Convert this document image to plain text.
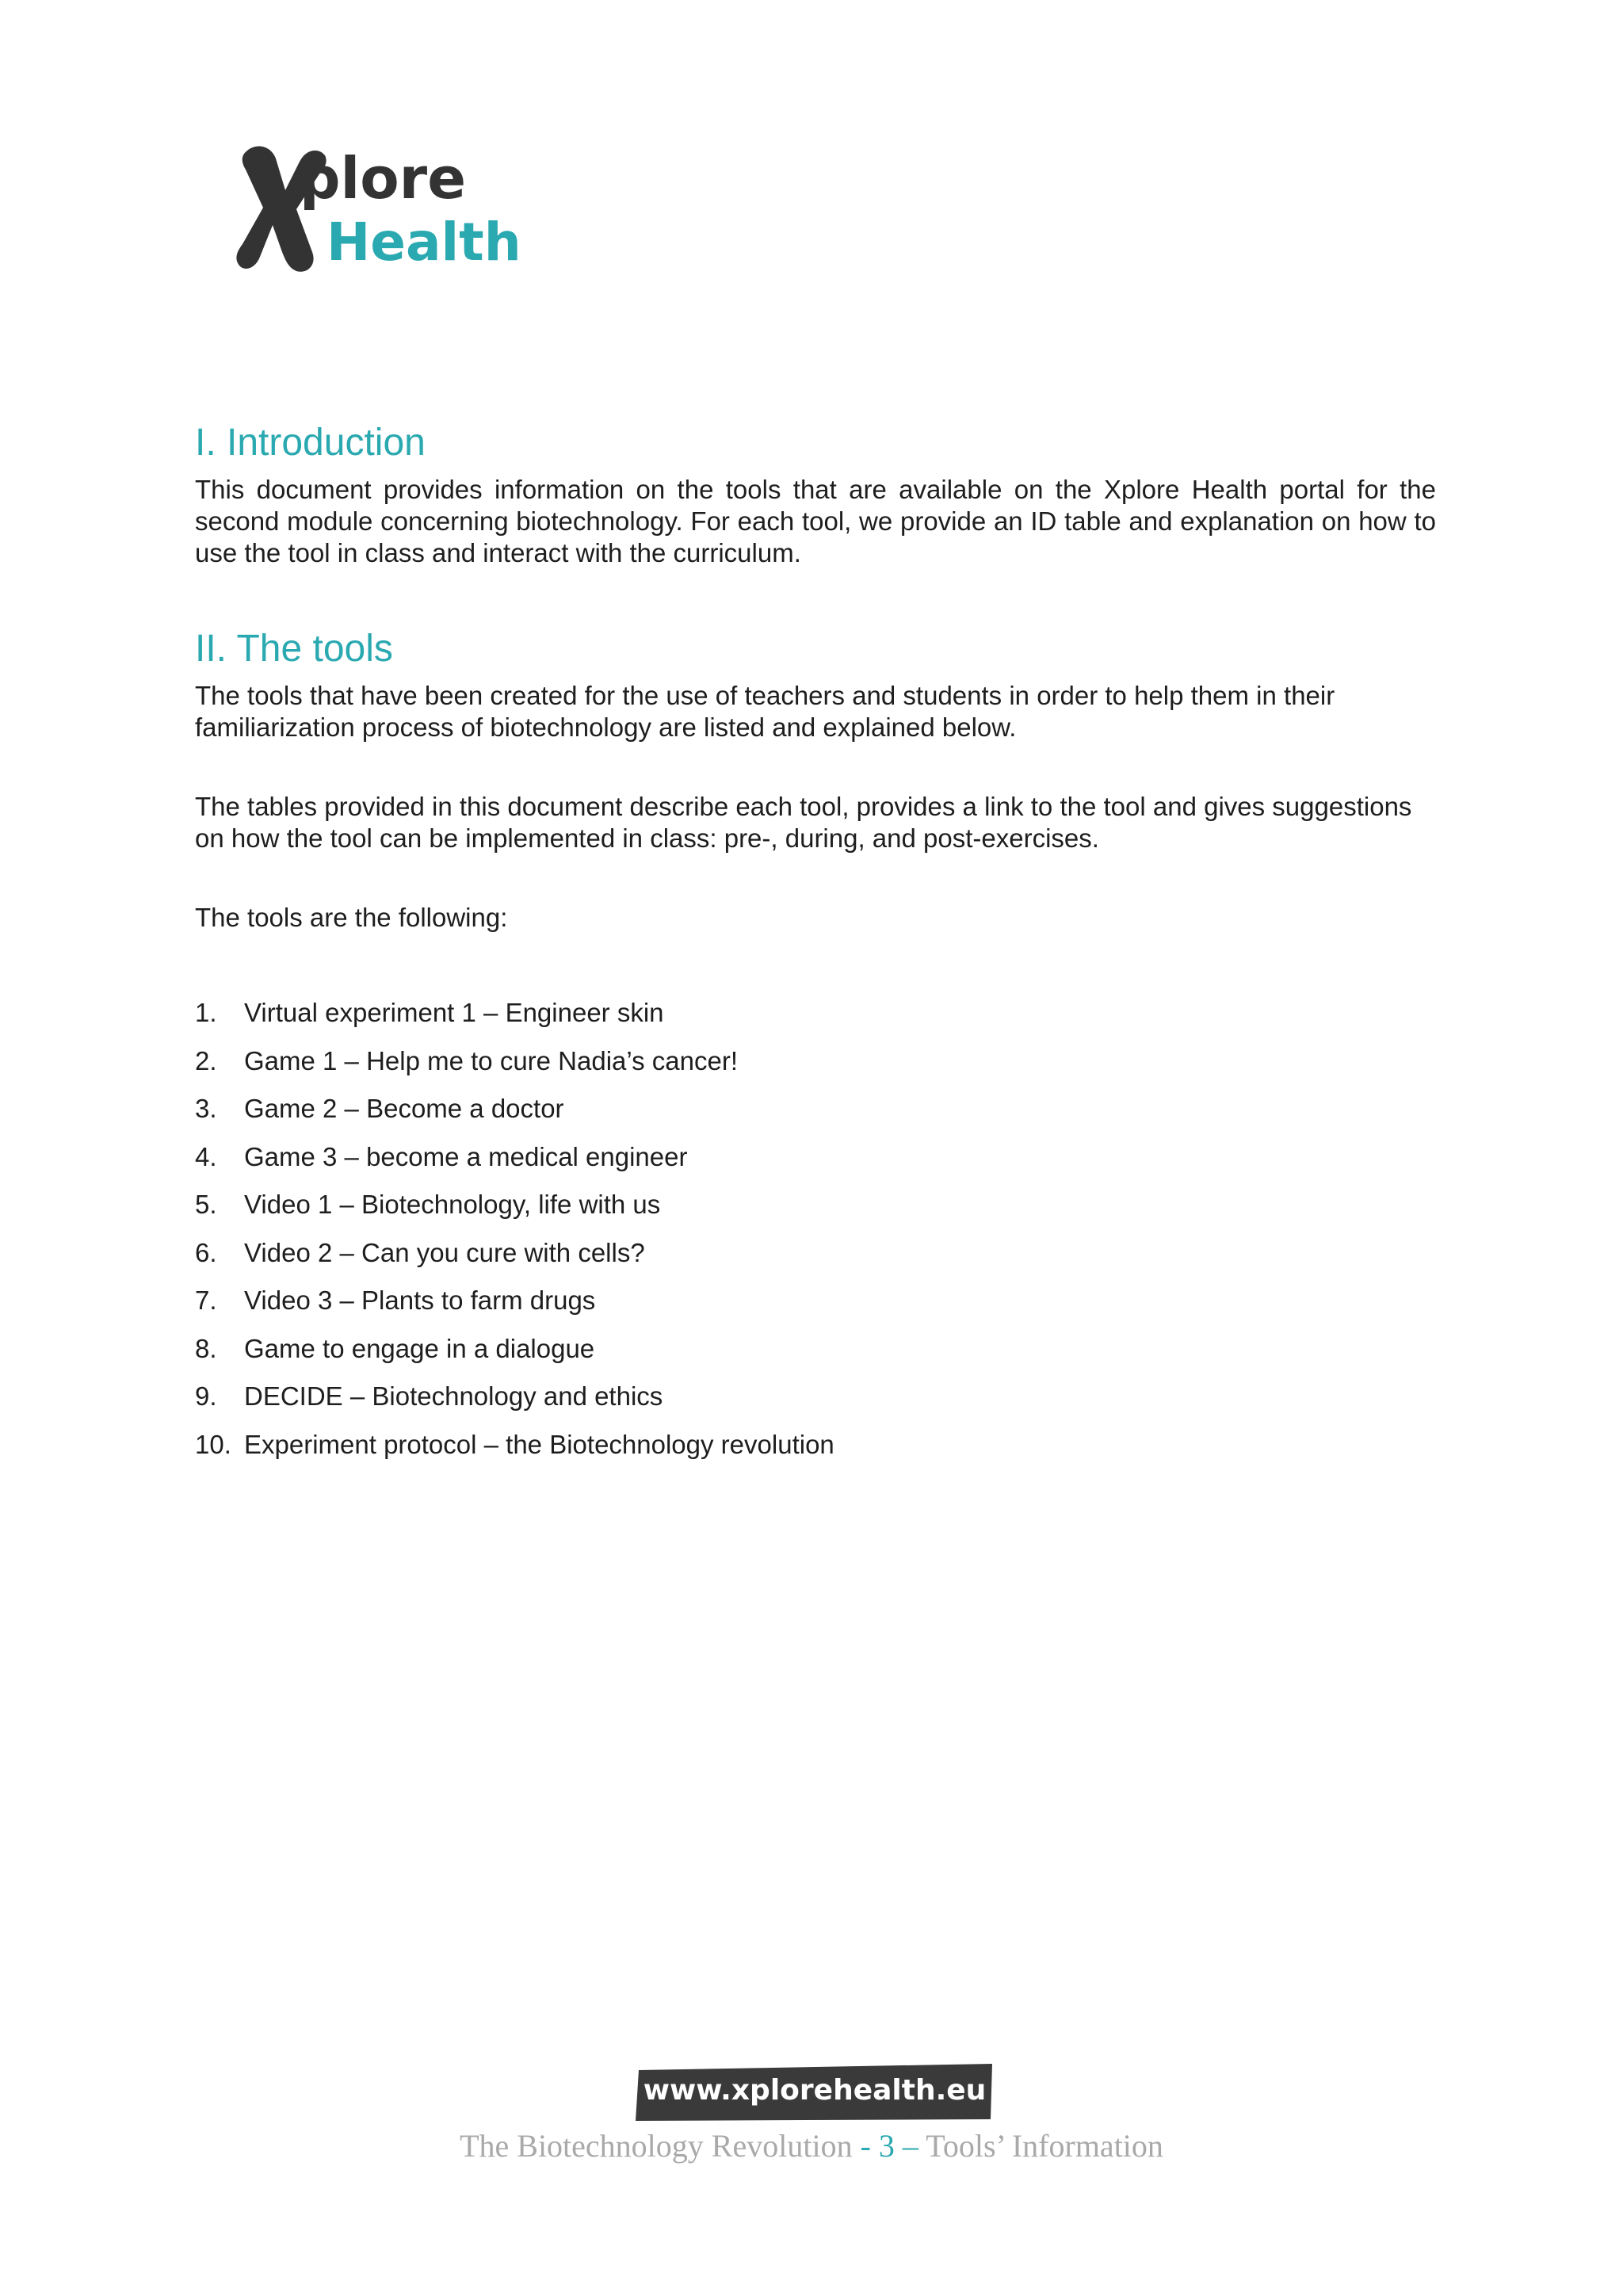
plore
Health
I. Introduction

This document provides information on the tools that are available on the Xplore Health portal for the second module concerning biotechnology. For each tool, we provide an ID table and explanation on how to use the tool in class and interact with the curriculum.

II. The tools

The tools that have been created for the use of teachers and students in order to help them in their familiarization process of biotechnology are listed and explained below.

The tables provided in this document describe each tool, provides a link to the tool and gives suggestions on how the tool can be implemented in class: pre-, during, and post-exercises.

The tools are the following:

1.	Virtual experiment 1 – Engineer skin
2.	Game 1 – Help me to cure Nadia’s cancer!
3.	Game 2 – Become a doctor
4.	Game 3 – become a medical engineer
5.	Video 1 – Biotechnology, life with us
6.	Video 2 – Can you cure with cells?
7.	Video 3 – Plants to farm drugs
8.	Game to engage in a dialogue
9.	DECIDE – Biotechnology and ethics
10. Experiment protocol – the Biotechnology revolution
www.xplorehealth.eu
The Biotechnology Revolution - 3 – Tools’ Information
